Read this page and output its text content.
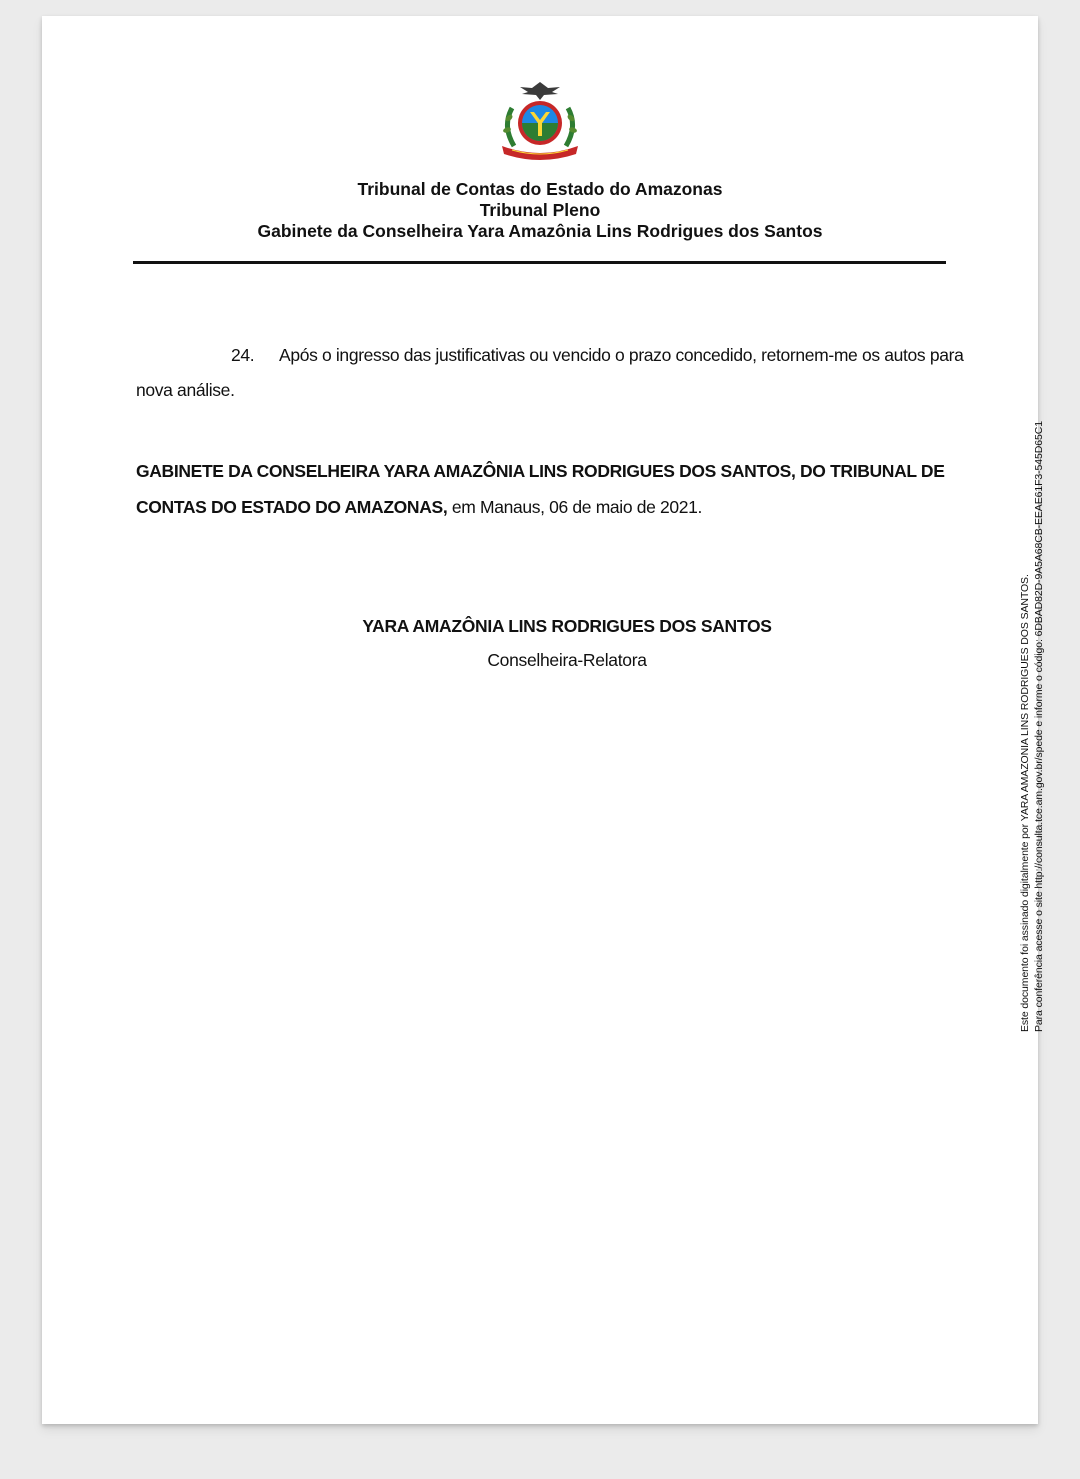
Tribunal de Contas do Estado do Amazonas
Tribunal Pleno
Gabinete da Conselheira Yara Amazônia Lins Rodrigues dos Santos
24. Após o ingresso das justificativas ou vencido o prazo concedido, retornem-me os autos para nova análise.
GABINETE DA CONSELHEIRA YARA AMAZÔNIA LINS RODRIGUES DOS SANTOS, DO TRIBUNAL DE CONTAS DO ESTADO DO AMAZONAS, em Manaus, 06 de maio de 2021.
YARA AMAZÔNIA LINS RODRIGUES DOS SANTOS
Conselheira-Relatora	Este documento foi assinado digitalmente por YARA AMAZONIA LINS RODRIGUES DOS SANTOS. Para conferência acesse o site http://consulta.tce.am.gov.br/spede e informe o código: 6DBAD82D-9A5A68CB-EEAE61F3-545D65C1
